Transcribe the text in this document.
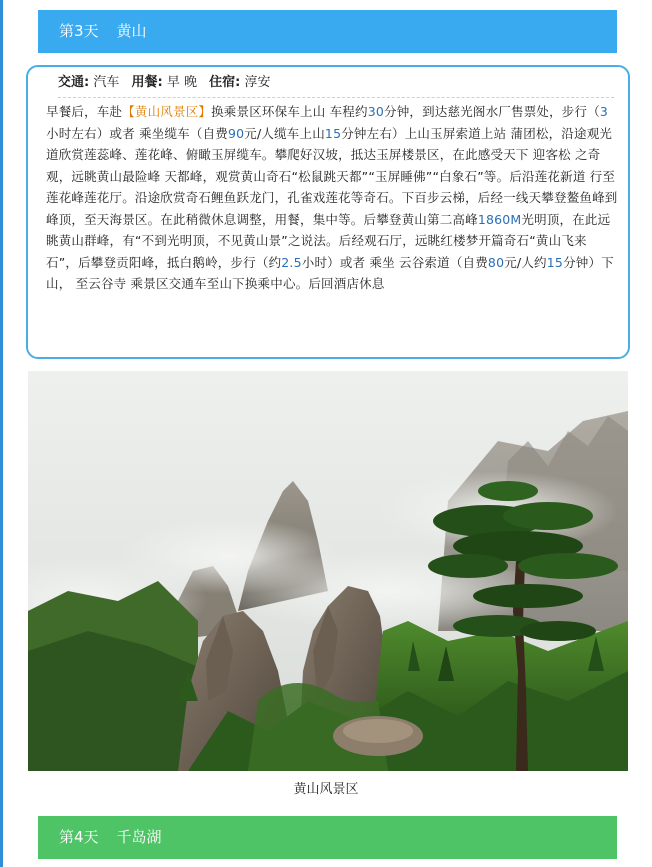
第3天 黄山
交通: 汽车 用餐: 早 晚 住宿: 淳安
早餐后，车赴【黄山风景区】换乘景区环保车上山 车程约30分钟，到达慈光阁水厂售票处，步行（3小时左右）或者 乘坐缆车（自费90元/人缆车上山15分钟左右）上山玉屏索道上站 蒲团松，沿途观光道欣赏莲蕊峰、莲花峰、俯瞰玉屏缆车。攀爬好汉坡，抵达玉屏楼景区，在此感受天下 迎客松 之奇观，远眺黄山最险峰 天都峰，观赏黄山奇石“松鼠跳天都”“玉屏睡佛”“白象石”等。后沿莲花新道 行至 莲花峰莲花厅。沿途欣赏奇石鲤鱼跃龙门，孔雀戏莲花等奇石。下百步云梯，后经一线天攀登鳌鱼峰到峰顶，至天海景区。在此稍微休息调整，用餐，集中等。后攀登黄山第二高峰1860M光明顶，在此远眺黄山群峰，有“不到光明顶，不见黄山景”之说法。后经观石厅，远眺红楼梦开篇奇石“黄山飞来石”，后攀登贡阳峰，抵白鹅岭，步行（约2.5小时）或者 乘坐 云谷索道（自费80元/人约15分钟）下山， 至云谷寺 乘景区交通车至山下换乘中心。后回酒店休息
黄山风景区
第4天 千岛湖
